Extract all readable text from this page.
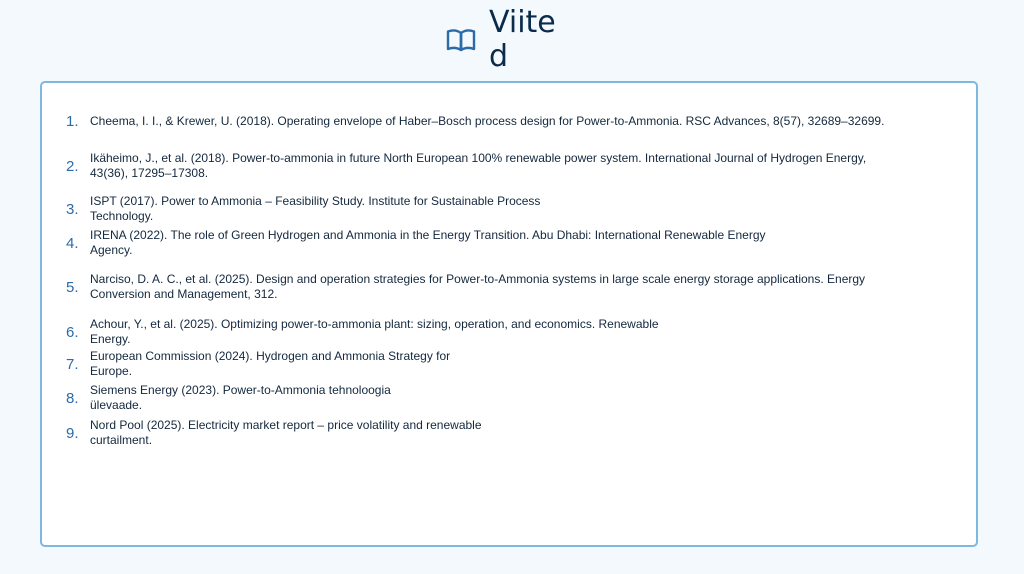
Viited
1. Cheema, I. I., & Krewer, U. (2018). Operating envelope of Haber–Bosch process design for Power-to-Ammonia. RSC Advances, 8(57), 32689–32699.
2. Ikäheimo, J., et al. (2018). Power-to-ammonia in future North European 100% renewable power system. International Journal of Hydrogen Energy,
43(36), 17295–17308.
3. ISPT (2017). Power to Ammonia – Feasibility Study. Institute for Sustainable Process
Technology.
4. IRENA (2022). The role of Green Hydrogen and Ammonia in the Energy Transition. Abu Dhabi: International Renewable Energy
Agency.
5. Narciso, D. A. C., et al. (2025). Design and operation strategies for Power-to-Ammonia systems in large scale energy storage applications. Energy
Conversion and Management, 312.
6. Achour, Y., et al. (2025). Optimizing power-to-ammonia plant: sizing, operation, and economics. Renewable
Energy.
7. European Commission (2024). Hydrogen and Ammonia Strategy for
Europe.
8. Siemens Energy (2023). Power-to-Ammonia tehnoloogia
ülevaade.
9. Nord Pool (2025). Electricity market report – price volatility and renewable
curtailment.
